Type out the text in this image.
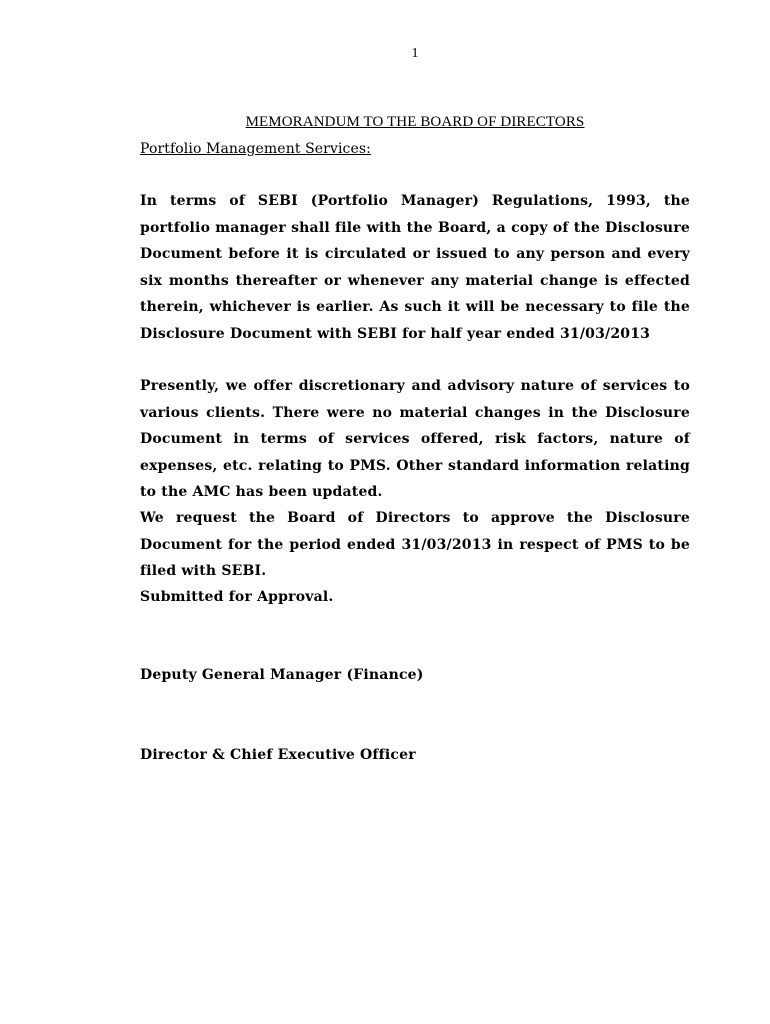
1
MEMORANDUM TO THE BOARD OF DIRECTORS
Portfolio Management Services:

In terms of SEBI (Portfolio Manager) Regulations, 1993, the portfolio manager shall file with the Board, a copy of the Disclosure Document before it is circulated or issued to any person and every six months thereafter or whenever any material change is effected therein, whichever is earlier. As such it will be necessary to file the Disclosure Document with SEBI for half year ended 31/03/2013

Presently, we offer discretionary and advisory nature of services to various clients. There were no material changes in the Disclosure Document in terms of services offered, risk factors, nature of expenses, etc. relating to PMS. Other standard information relating to the AMC has been updated.

We request the Board of Directors to approve the Disclosure Document for the period ended 31/03/2013 in respect of PMS to be filed with SEBI.

Submitted for Approval.
Deputy General Manager (Finance)
Director & Chief Executive Officer
